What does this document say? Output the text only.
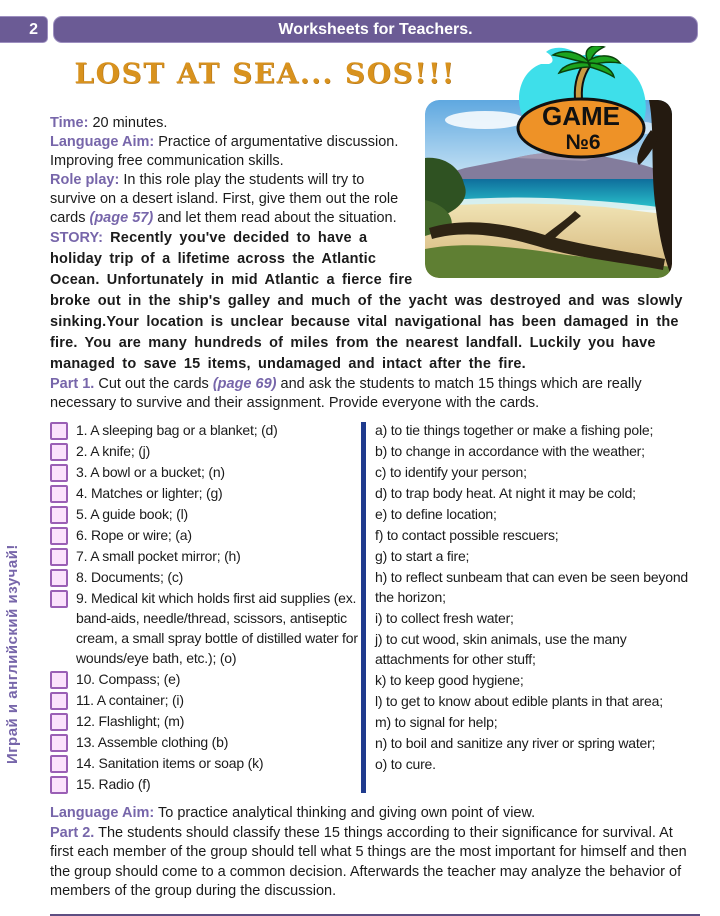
2	Worksheets for Teachers.
LOST AT SEA... SOS!!!
GAME
№6

Time: 20 minutes.

Language Aim: Practice of argumentative discussion. Improving free communication skills.

Role play: In this role play the students will try to survive on a desert island. First, give them out the role cards (page 57) and let them read about the situation.

STORY: Recently you've decided to have a holiday trip of a lifetime across the Atlantic Ocean. Unfortunately in mid Atlantic a fierce fire broke out in the ship's galley and much of the yacht was destroyed and was slowly sinking.Your location is unclear because vital navigational has been damaged in the fire. You are many hundreds of miles from the nearest landfall. Luckily you have managed to save 15 items, undamaged and intact after the fire.

Part 1. Cut out the cards (page 69) and ask the students to match 15 things which are really necessary to survive and their assignment. Provide everyone with the cards.

1. A sleeping bag or a blanket; (d)
2. A knife; (j)
3. A bowl or a bucket; (n)
4. Matches or lighter; (g)
5. A guide book; (l)
6. Rope or wire; (a)
7. A small pocket mirror; (h)
8. Documents; (c)
9. Medical kit which holds first aid supplies (ex. band-aids, needle/thread, scissors, antiseptic cream, a small spray bottle of distilled water for wounds/eye bath, etc.); (o)
10. Compass; (e)
11. A container; (i)
12. Flashlight; (m)
13. Assemble clothing (b)
14. Sanitation items or soap (k)
15. Radio (f)
a) to tie things together or make a fishing pole;
b) to change in accordance with the weather;
c) to identify your person;
d) to trap body heat. At night it may be cold;
e) to define location;
f) to contact possible rescuers;
g) to start a fire;
h) to reflect sunbeam that can even be seen beyond the horizon;
i) to collect fresh water;
j) to cut wood, skin animals, use the many attachments for other stuff;
k) to keep good hygiene;
l) to get to know about edible plants in that area;
m) to signal for help;
n) to boil and sanitize any river or spring water;
o) to cure.

Language Aim: To practice analytical thinking and giving own point of view.

Part 2. The students should classify these 15 things according to their significance for survival. At first each member of the group should tell what 5 things are the most important for himself and then the group should come to a common decision. Afterwards the teacher may analyze the behavior of members of the group during the discussion.

Играй и английский изучай!
